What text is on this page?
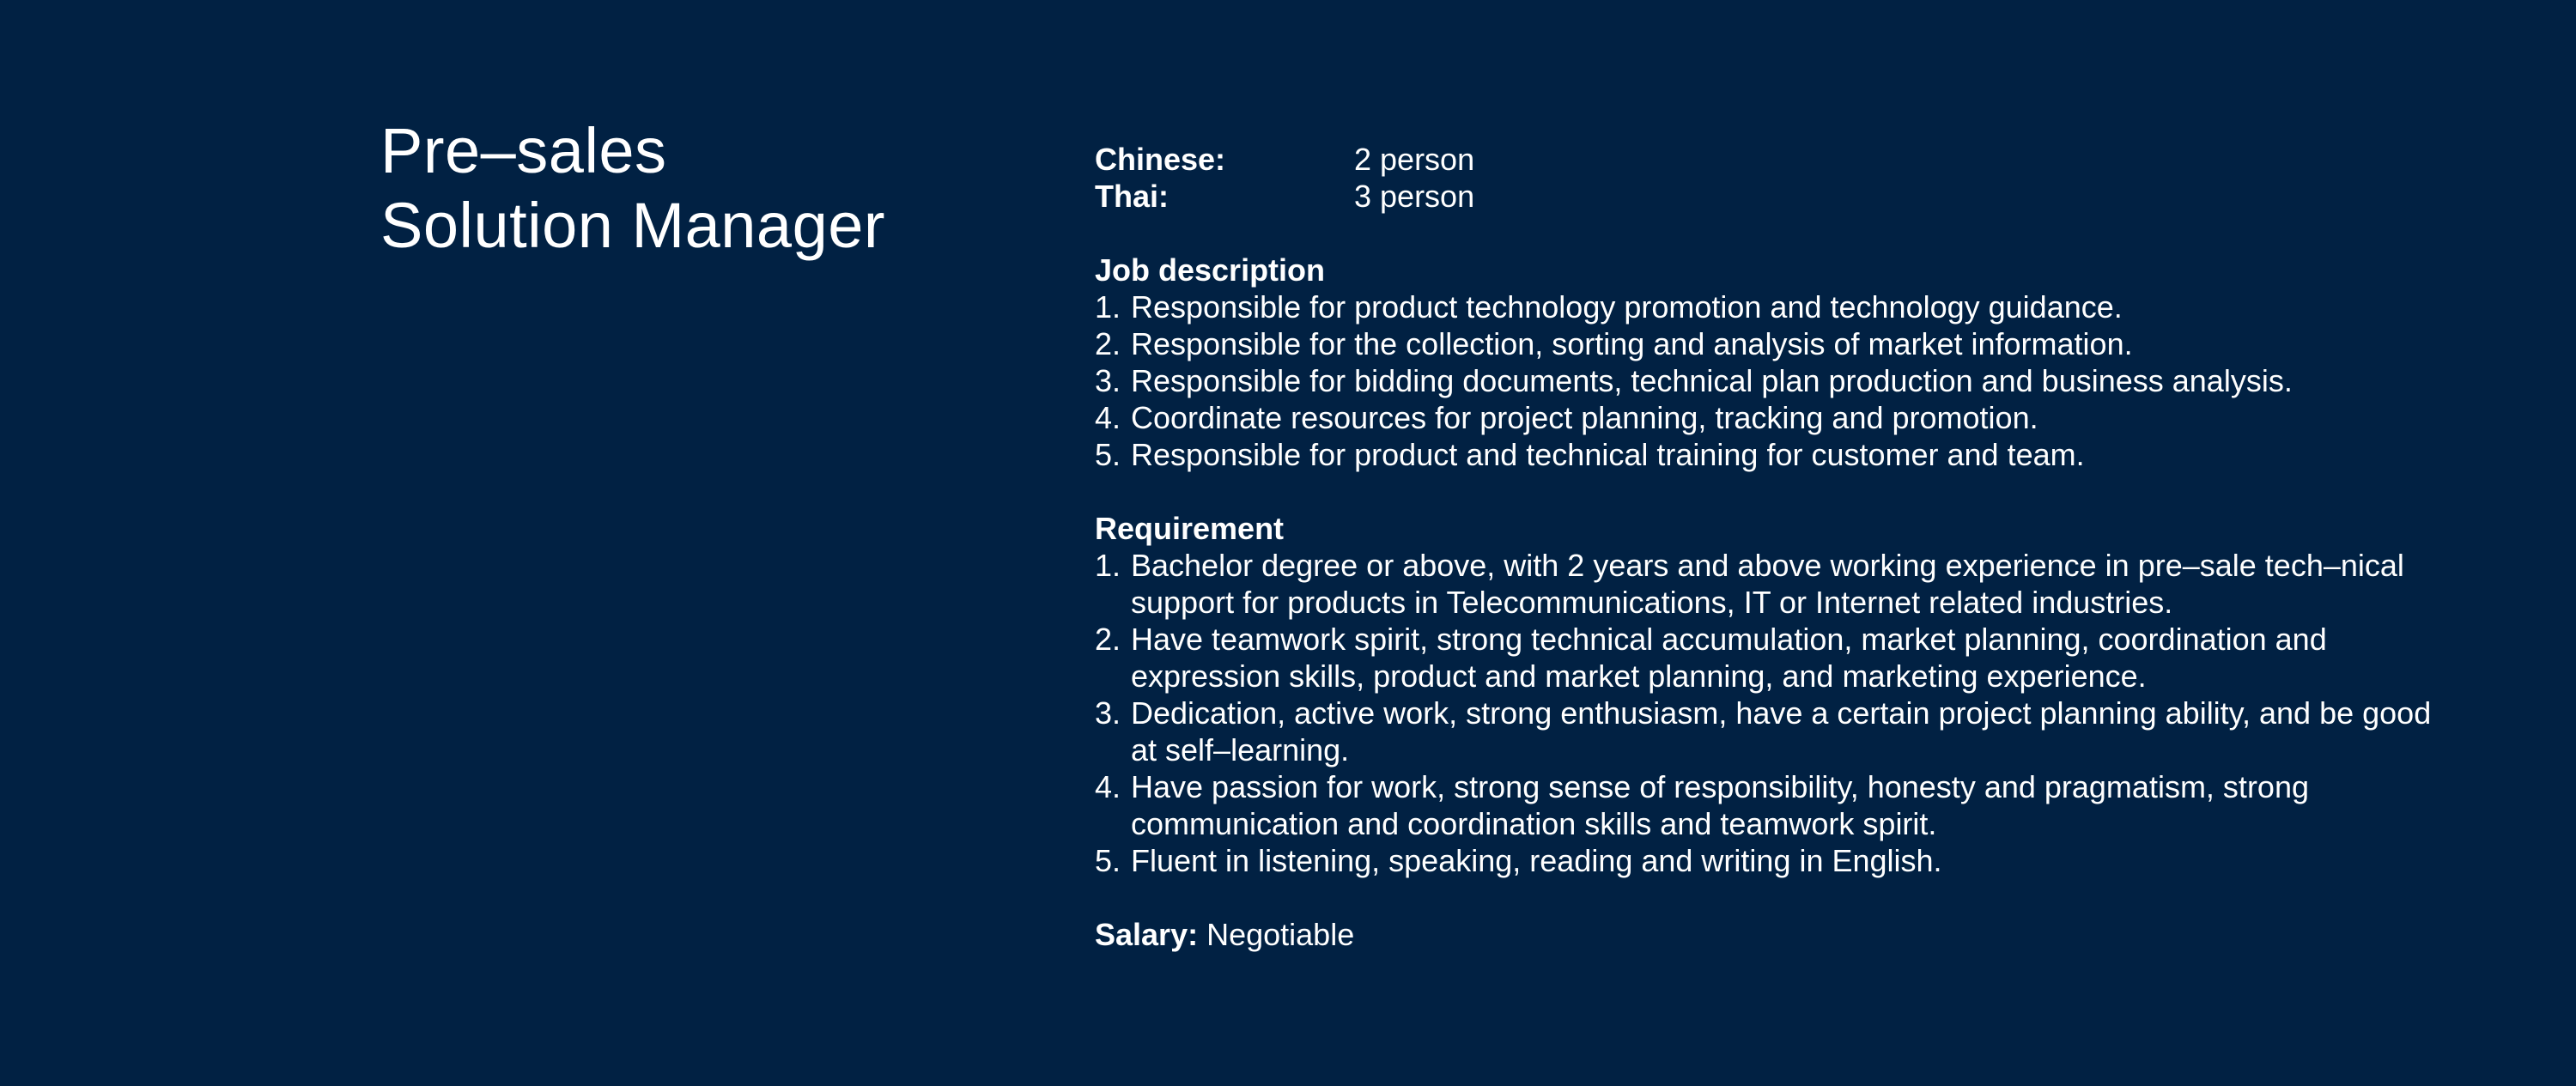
Pre–sales
Solution Manager
Chinese:	2 person
Thai:	3 person
Job description
1. Responsible for product technology promotion and technology guidance.
2. Responsible for the collection, sorting and analysis of market information.
3. Responsible for bidding documents, technical plan production and business analysis.
4. Coordinate resources for project planning, tracking and promotion.
5. Responsible for product and technical training for customer and team.
Requirement
1. Bachelor degree or above, with 2 years and above working experience in pre–sale tech–nical support for products in Telecommunications, IT or Internet related industries.
2. Have teamwork spirit, strong technical accumulation, market planning, coordination and expression skills, product and market planning, and marketing experience.
3. Dedication, active work, strong enthusiasm, have a certain project planning ability, and be good at self–learning.
4. Have passion for work, strong sense of responsibility, honesty and pragmatism, strong communication and coordination skills and teamwork spirit.
5. Fluent in listening, speaking, reading and writing in English.
Salary: Negotiable
